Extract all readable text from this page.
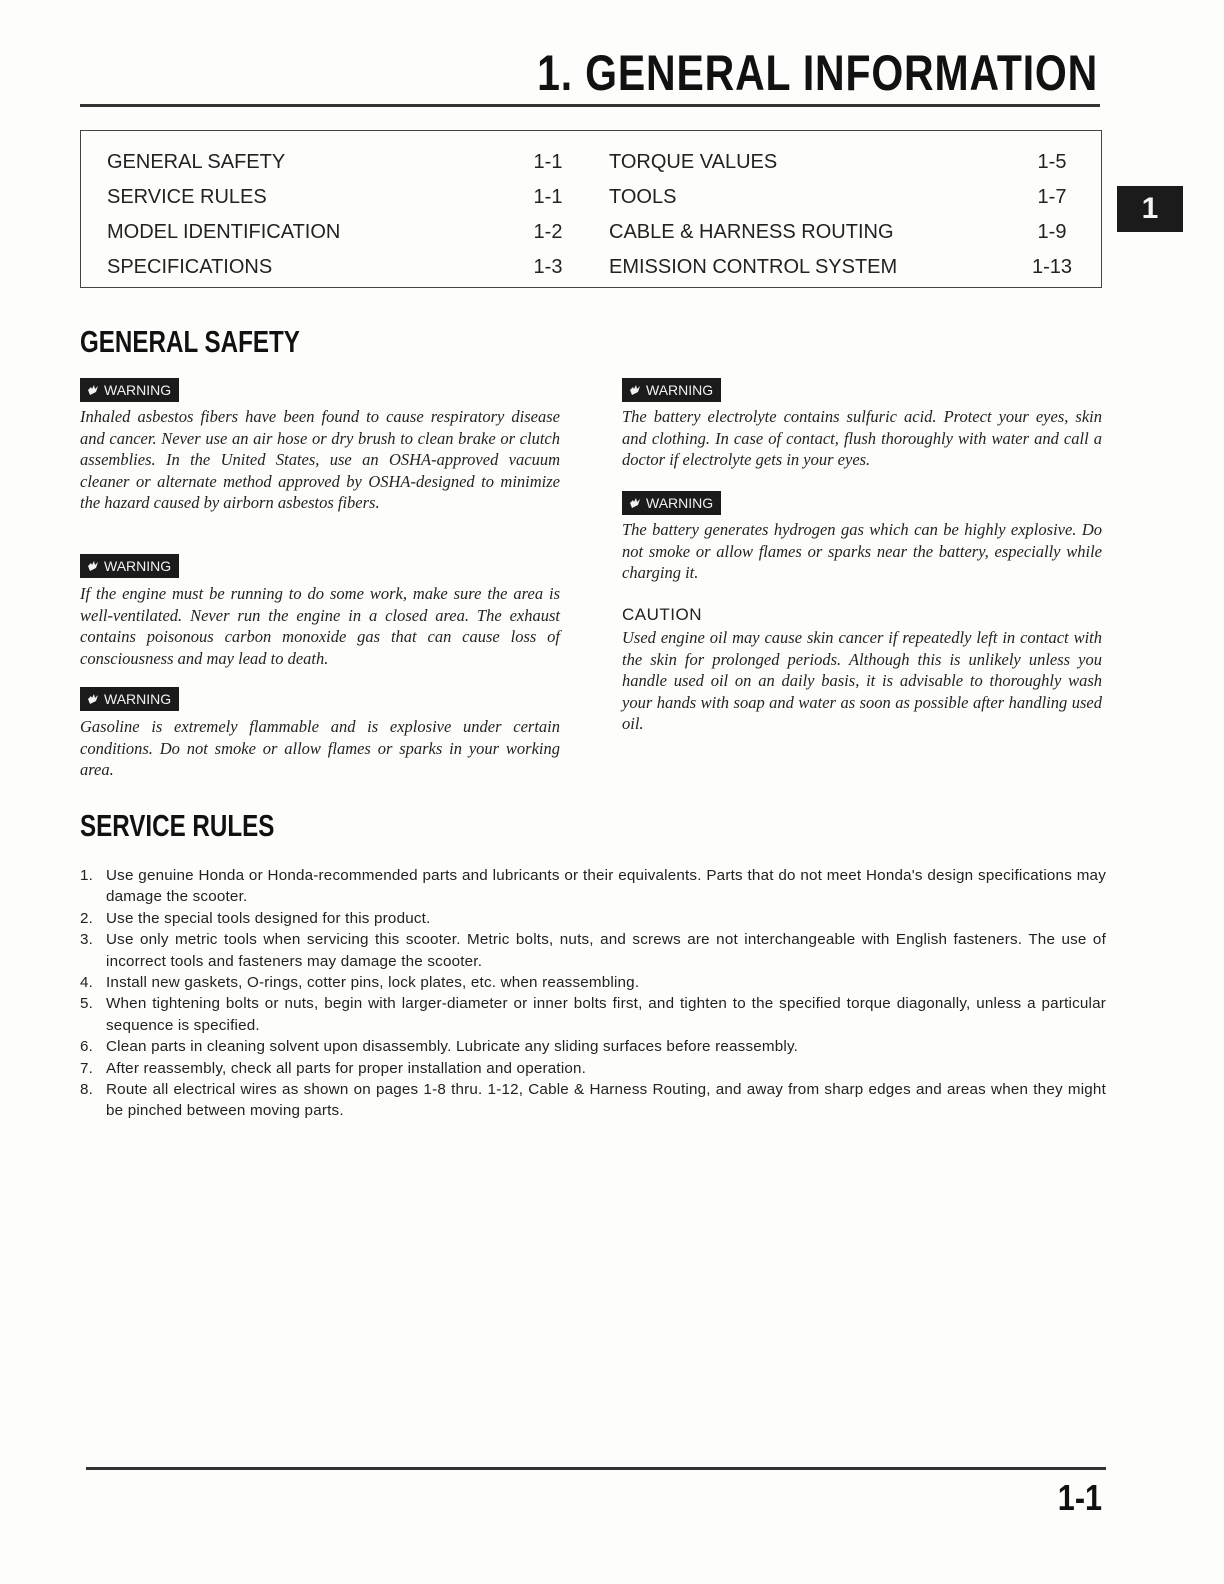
1. GENERAL INFORMATION
GENERAL SAFETY	1-1
SERVICE RULES	1-1
MODEL IDENTIFICATION	1-2
SPECIFICATIONS	1-3
TORQUE VALUES	1-5
TOOLS	1-7
CABLE & HARNESS ROUTING	1-9
EMISSION CONTROL SYSTEM	1-13
1
GENERAL SAFETY
WARNING

Inhaled asbestos fibers have been found to cause respiratory disease and cancer. Never use an air hose or dry brush to clean brake or clutch assemblies. In the United States, use an OSHA-approved vacuum cleaner or alternate method approved by OSHA-designed to minimize the hazard caused by airborn asbestos fibers.

WARNING

If the engine must be running to do some work, make sure the area is well-ventilated. Never run the engine in a closed area. The exhaust contains poisonous carbon monoxide gas that can cause loss of consciousness and may lead to death.

WARNING

Gasoline is extremely flammable and is explosive under certain conditions. Do not smoke or allow flames or sparks in your working area.

WARNING

The battery electrolyte contains sulfuric acid. Protect your eyes, skin and clothing. In case of contact, flush thoroughly with water and call a doctor if electrolyte gets in your eyes.

WARNING

The battery generates hydrogen gas which can be highly explosive. Do not smoke or allow flames or sparks near the battery, especially while charging it.

CAUTION

Used engine oil may cause skin cancer if repeatedly left in contact with the skin for prolonged periods. Although this is unlikely unless you handle used oil on an daily basis, it is advisable to thoroughly wash your hands with soap and water as soon as possible after handling used oil.

SERVICE RULES
1. Use genuine Honda or Honda-recommended parts and lubricants or their equivalents. Parts that do not meet Honda's design specifications may damage the scooter.
2. Use the special tools designed for this product.
3. Use only metric tools when servicing this scooter. Metric bolts, nuts, and screws are not interchangeable with English fasteners. The use of incorrect tools and fasteners may damage the scooter.
4. Install new gaskets, O-rings, cotter pins, lock plates, etc. when reassembling.
5. When tightening bolts or nuts, begin with larger-diameter or inner bolts first, and tighten to the specified torque diagonally, unless a particular sequence is specified.
6. Clean parts in cleaning solvent upon disassembly. Lubricate any sliding surfaces before reassembly.
7. After reassembly, check all parts for proper installation and operation.
8. Route all electrical wires as shown on pages 1-8 thru. 1-12, Cable & Harness Routing, and away from sharp edges and areas when they might be pinched between moving parts.
1-1
